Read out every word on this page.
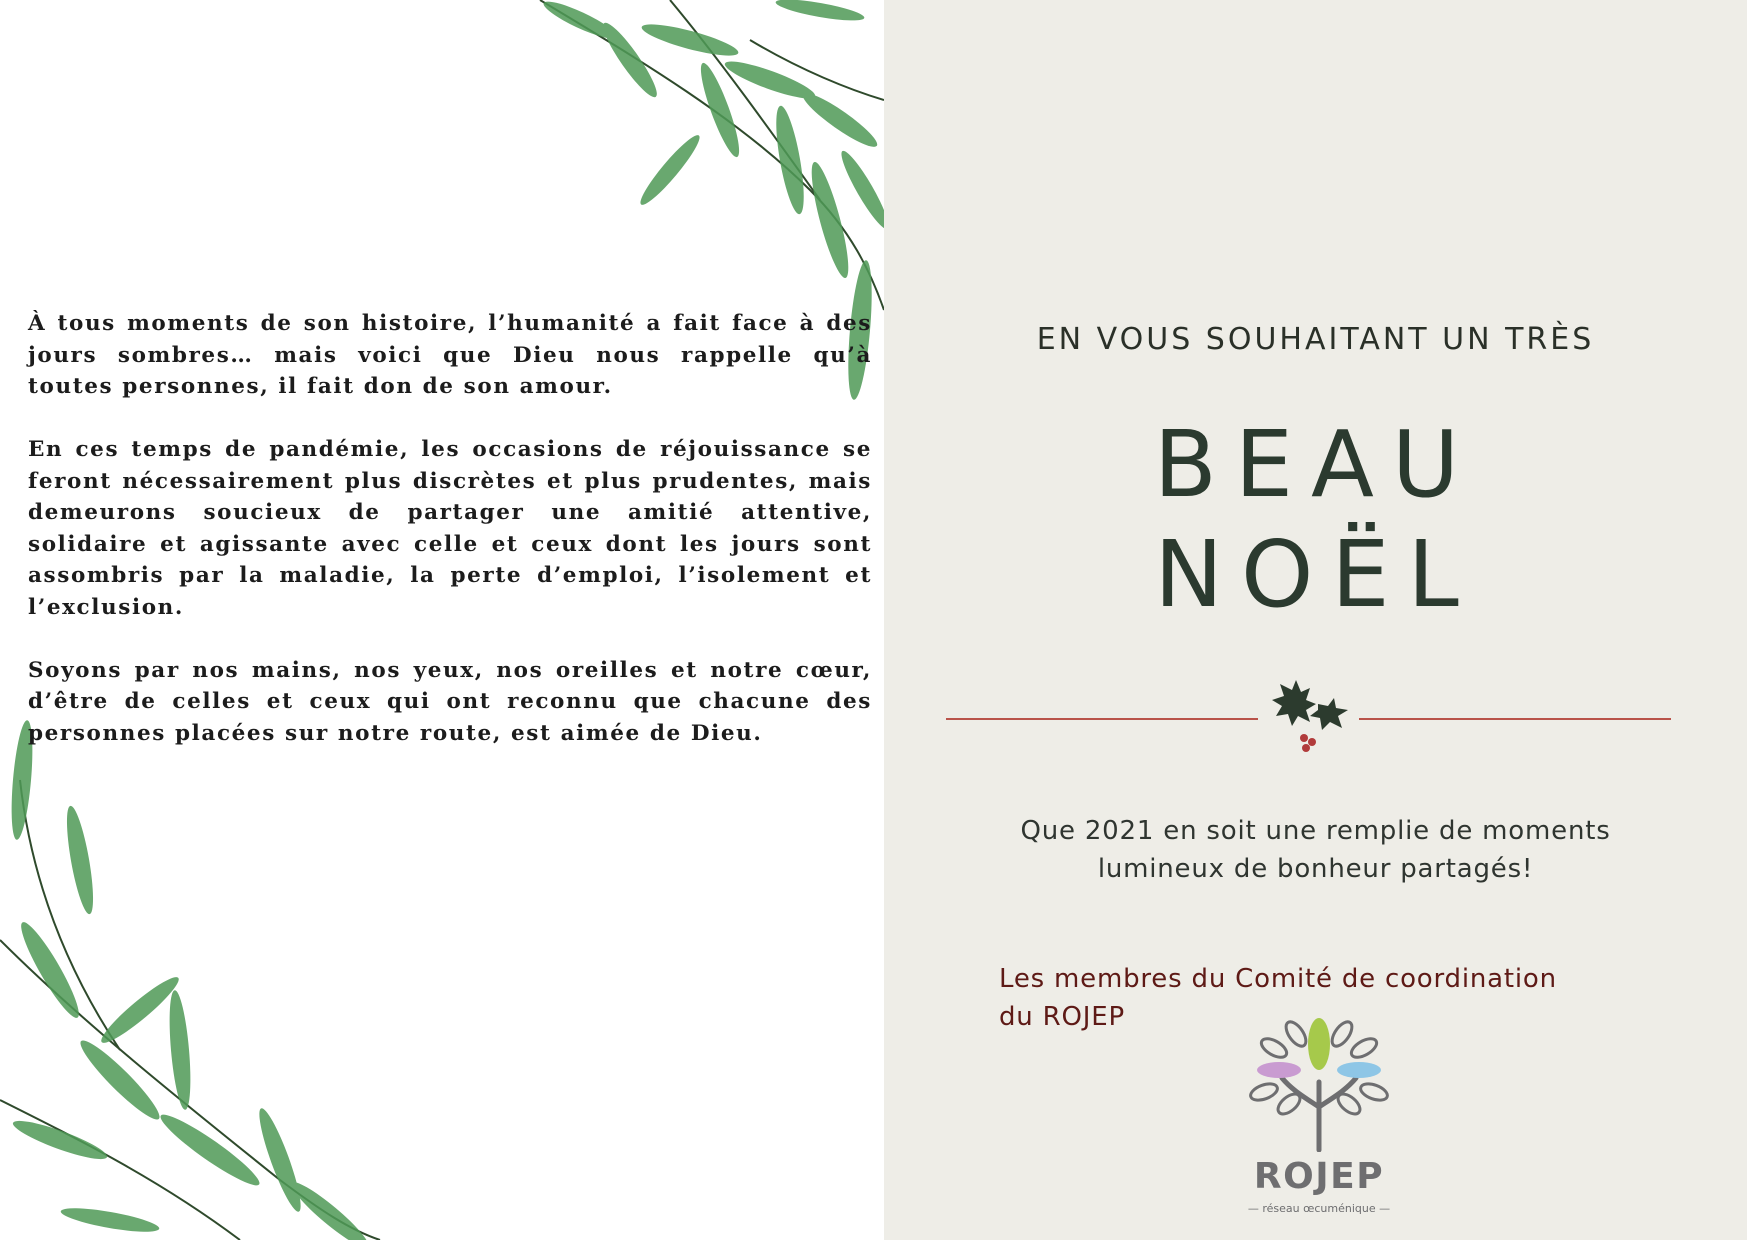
À tous moments de son histoire, l’humanité a fait face à des jours sombres… mais voici que Dieu nous rappelle qu’à toutes personnes, il fait don de son amour.

En ces temps de pandémie, les occasions de réjouissance se feront nécessairement plus discrètes et plus prudentes, mais demeurons soucieux de partager une amitié attentive, solidaire et agissante avec celle et ceux dont les jours sont assombris par la maladie, la perte d’emploi, l’isolement et l’exclusion.

Soyons par nos mains, nos yeux, nos oreilles et notre cœur, d’être de celles et ceux qui ont reconnu que chacune des personnes placées sur notre route, est aimée de Dieu.

EN VOUS SOUHAITANT UN TRÈS
BEAU
NOËL
Que 2021 en soit une remplie de moments
lumineux de bonheur partagés!
Les membres du Comité de coordination
du ROJEP
ROJEP
— réseau œcuménique —
